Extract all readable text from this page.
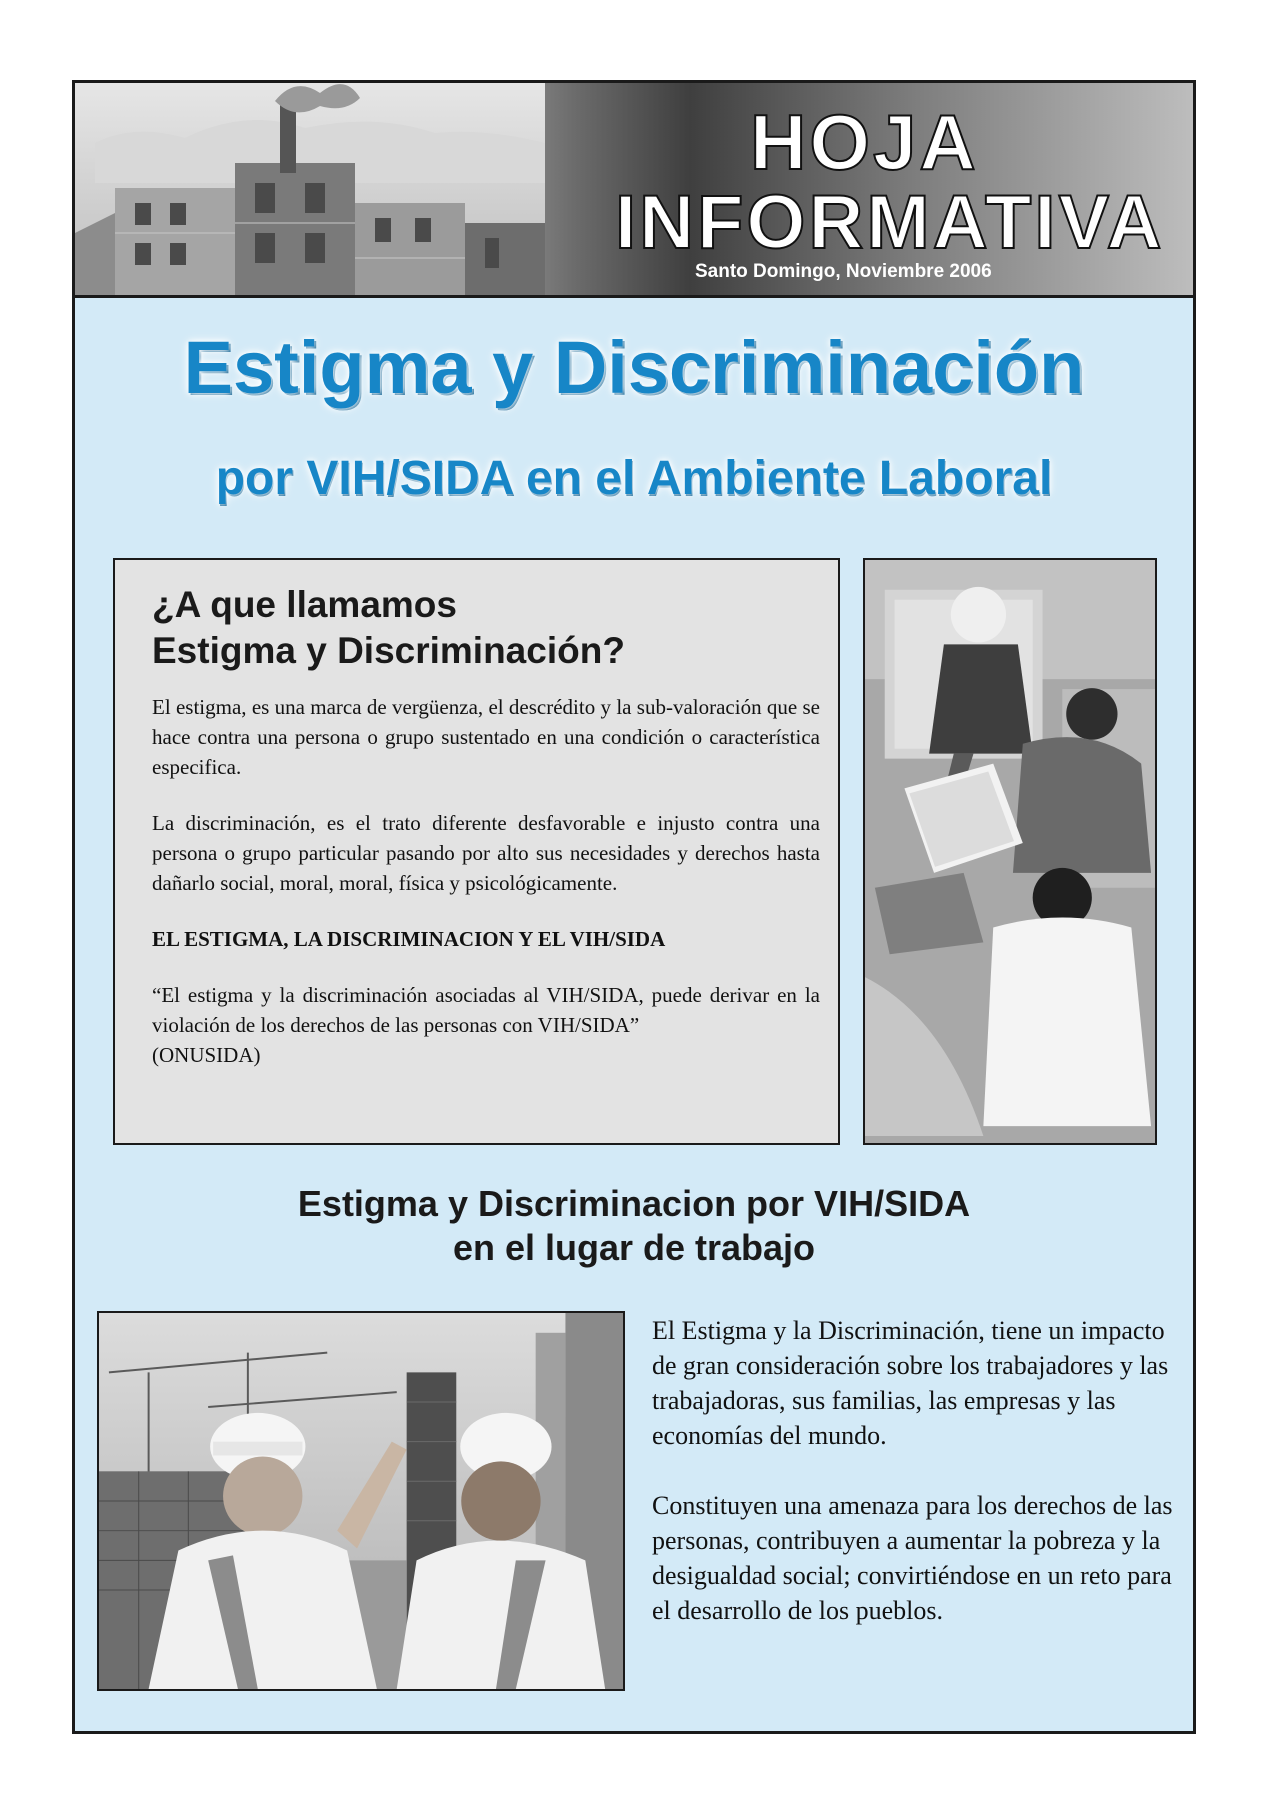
HOJA
INFORMATIVA
Santo Domingo, Noviembre 2006
Estigma y Discriminación
por VIH/SIDA en el Ambiente Laboral
¿A que llamamos
Estigma y Discriminación?

El estigma, es una marca de vergüenza, el descrédito y la sub-valoración que se hace contra una persona o grupo sustentado en una condición o característica especifica.

La discriminación, es el trato diferente desfavorable e injusto contra una persona o grupo particular pasando por alto sus necesidades y derechos hasta dañarlo social, moral, moral, física y psicológicamente.

EL ESTIGMA, LA DISCRIMINACION Y EL VIH/SIDA

“El estigma y la discriminación asociadas al VIH/SIDA, puede derivar en la violación de los derechos de las personas con VIH/SIDA”
(ONUSIDA)

Estigma y Discriminacion por VIH/SIDA
en el lugar de trabajo

El Estigma y la Discriminación, tiene un impacto de gran consideración sobre los trabajadores y las trabajadoras, sus familias, las empresas y las economías del mundo.

Constituyen una amenaza para los derechos de las personas, contribuyen a aumentar la pobreza y la desigualdad social; convirtiéndose en un reto para el desarrollo de los pueblos.
